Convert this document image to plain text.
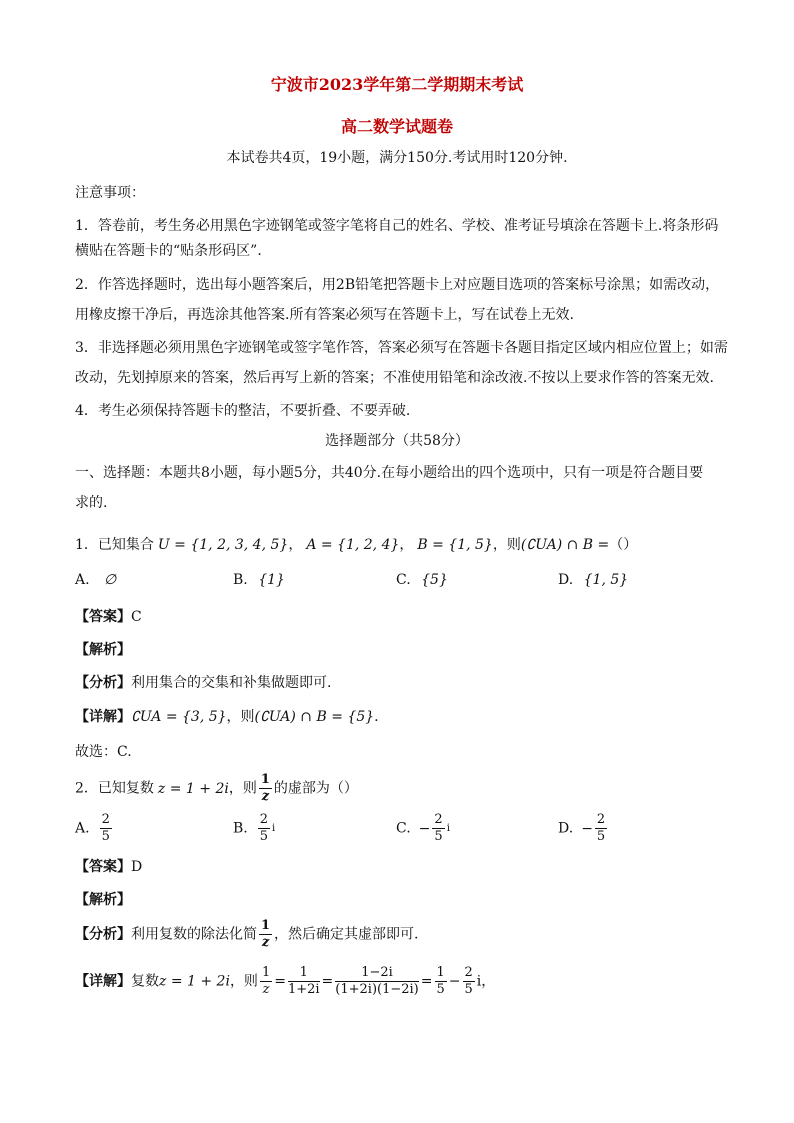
宁波市2023学年第二学期期末考试
高二数学试题卷
本试卷共4页，19小题，满分150分.考试用时120分钟.
注意事项：
1．答卷前，考生务必用黑色字迹钢笔或签字笔将自己的姓名、学校、准考证号填涂在答题卡上.将条形码
横贴在答题卡的“贴条形码区”．
2．作答选择题时，选出每小题答案后，用2B铅笔把答题卡上对应题目选项的答案标号涂黑；如需改动，
用橡皮擦干净后，再选涂其他答案.所有答案必须写在答题卡上，写在试卷上无效.
3．非选择题必须用黑色字迹钢笔或签字笔作答，答案必须写在答题卡各题目指定区域内相应位置上；如需
改动，先划掉原来的答案，然后再写上新的答案；不准使用铅笔和涂改液.不按以上要求作答的答案无效.
4．考生必须保持答题卡的整洁，不要折叠、不要弄破.
选择题部分（共58分）
一、选择题：本题共8小题，每小题5分，共40分.在每小题给出的四个选项中，只有一项是符合题目要
求的.
1．已知集合 U = {1, 2, 3, 4, 5}， A = {1, 2, 4}， B = {1, 5}，则(∁UA) ∩ B =（）
A. ∅	B. {1}	C. {5}	D. {1, 5}
【答案】C
【解析】
【分析】利用集合的交集和补集做题即可.
【详解】∁UA = {3, 5}，则(∁UA) ∩ B = {5}.
故选：C.
2．已知复数 z = 1 + 2i，则 $\frac{1}{z}$ 的虚部为（）
A. $\frac{2}{5}$	B. $\frac{2}{5}$ i	C. − $\frac{2}{5}$ i	D. − $\frac{2}{5}$
【答案】D
【解析】
【分析】利用复数的除法化简 $\frac{1}{z}$ ，然后确定其虚部即可.
【详解】复数z = 1 + 2i，则 $\frac{1}{z} = \frac{1}{1+2i} = \frac{1-2i}{(1+2i)(1-2i)} = \frac{1}{5} - \frac{2}{5}$ i，
